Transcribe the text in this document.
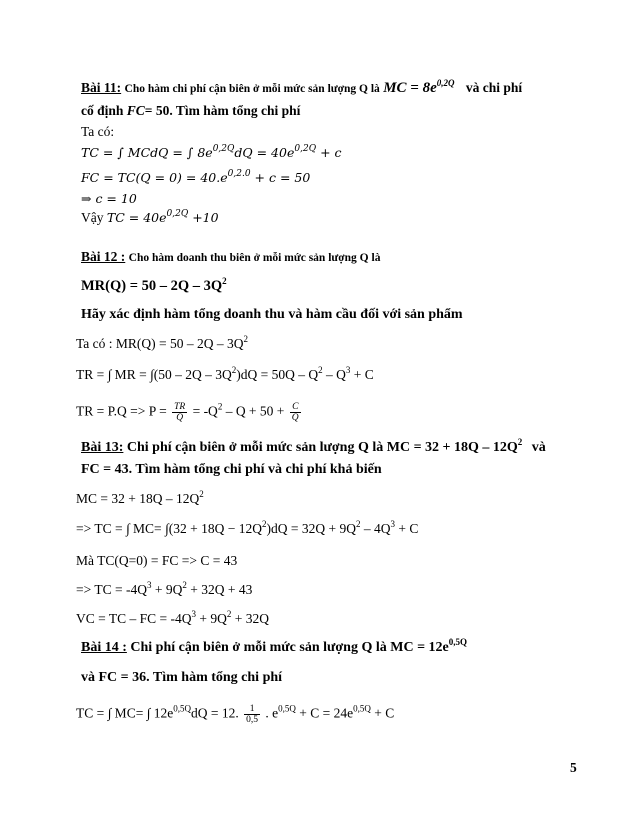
Bài 11: Cho hàm chi phí cận biên ở mỗi mức sản lượng Q là MC = $8e^{0,2Q}$ và chi phí
cố định FC= 50. Tìm hàm tổng chi phí
Ta có:
TC = ∫ MCdQ = ∫ $8e^{0,2Q}dQ = 40e^{0,2Q} + c$
FC = $TC(Q = 0) = 40.e^{0,2.0} + c = 50$
⇒ c = 10
Vậy TC = $40e^{0,2Q} +10$
Bài 12 : Cho hàm doanh thu biên ở mỗi mức sản lượng Q là
$MR(Q) = 50 - 2Q - 3Q^2$
Hãy xác định hàm tổng doanh thu và hàm cầu đối với sản phẩm
Ta có : $MR(Q) = 50 - 2Q - 3Q^2$
TR = ∫ MR = $\int(50 - 2Q - 3Q^2)dQ = 50Q - Q^2 - Q^3 + C$
TR = $P.Q => P = \frac{TR}{Q} = -Q^2 - Q + 50 + \frac{C}{Q}$
Bài 13: Chi phí cận biên ở mỗi mức sản lượng Q là MC = $32 + 18Q - 12Q^2$ và
FC = 43. Tìm hàm tổng chi phí và chi phí khả biến
MC = $32 + 18Q - 12Q^2$
=> TC = ∫ $MC= \int(32 + 18Q - 12Q^2)dQ = 32Q + 9Q^2 - 4Q^3 + C$
Mà TC(Q=0) = FC => C = 43
=> TC = $-4Q^3 + 9Q^2 + 32Q + 43$
VC = TC – FC = $-4Q^3 + 9Q^2 + 32Q$
Bài 14 : Chi phí cận biên ở mỗi mức sản lượng Q là MC = $12e^{0,5Q}$
và FC = 36. Tìm hàm tổng chi phí
TC = ∫ MC= ∫ $12e^{0,5Q}dQ = 12$. $\frac{1}{0,5}$ . $e^{0,5Q} + C = 24e^{0,5Q} + C$
5
